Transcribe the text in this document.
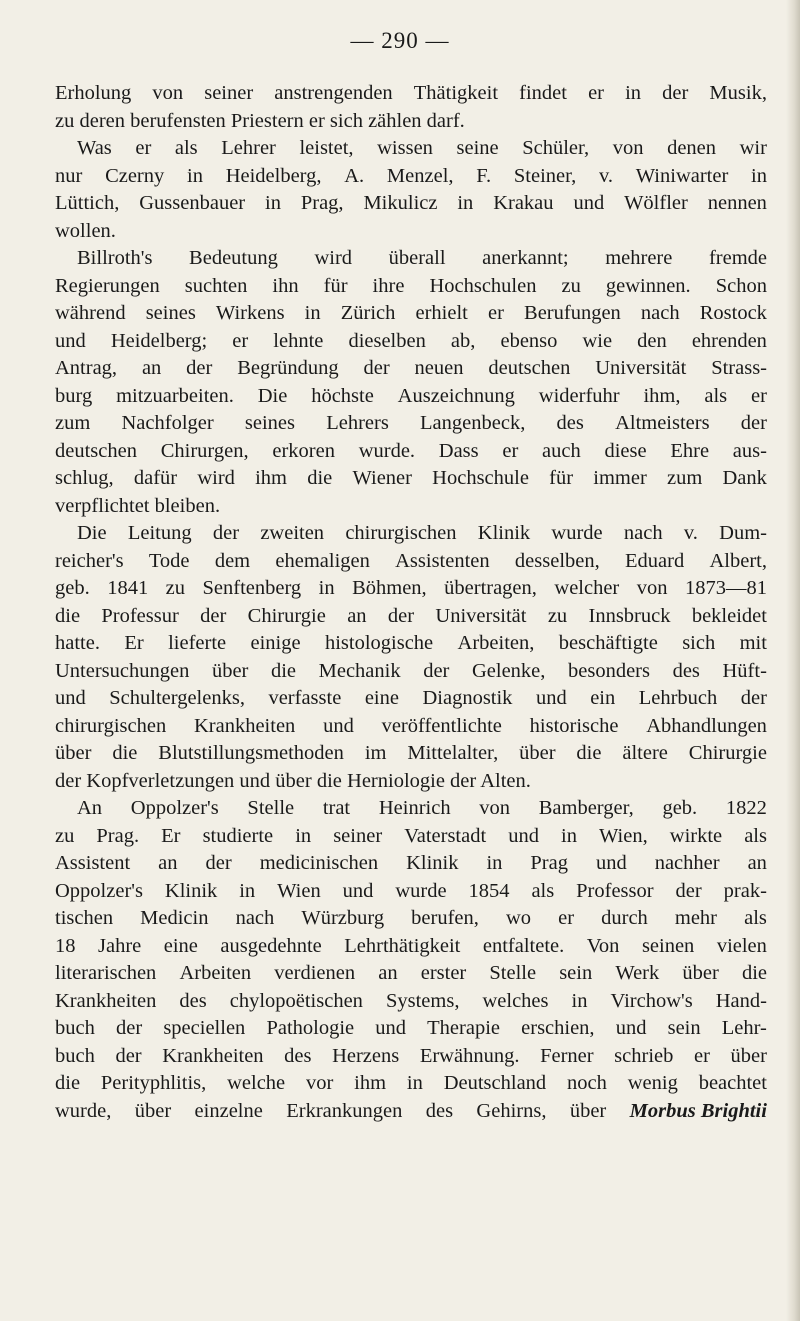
— 290 —
Erholung von seiner anstrengenden Thätigkeit findet er in der Musik,
zu deren berufensten Priestern er sich zählen darf.
Was er als Lehrer leistet, wissen seine Schüler, von denen wir
nur Czerny in Heidelberg, A. Menzel, F. Steiner, v. Winiwarter in
Lüttich, Gussenbauer in Prag, Mikulicz in Krakau und Wölfler nennen
wollen.
Billroth's Bedeutung wird überall anerkannt; mehrere fremde
Regierungen suchten ihn für ihre Hochschulen zu gewinnen. Schon
während seines Wirkens in Zürich erhielt er Berufungen nach Rostock
und Heidelberg; er lehnte dieselben ab, ebenso wie den ehrenden
Antrag, an der Begründung der neuen deutschen Universität Strass-
burg mitzuarbeiten. Die höchste Auszeichnung widerfuhr ihm, als er
zum Nachfolger seines Lehrers Langenbeck, des Altmeisters der
deutschen Chirurgen, erkoren wurde. Dass er auch diese Ehre aus-
schlug, dafür wird ihm die Wiener Hochschule für immer zum Dank
verpflichtet bleiben.
Die Leitung der zweiten chirurgischen Klinik wurde nach v. Dum-
reicher's Tode dem ehemaligen Assistenten desselben, Eduard Albert,
geb. 1841 zu Senftenberg in Böhmen, übertragen, welcher von 1873—81
die Professur der Chirurgie an der Universität zu Innsbruck bekleidet
hatte. Er lieferte einige histologische Arbeiten, beschäftigte sich mit
Untersuchungen über die Mechanik der Gelenke, besonders des Hüft-
und Schultergelenks, verfasste eine Diagnostik und ein Lehrbuch der
chirurgischen Krankheiten und veröffentlichte historische Abhandlungen
über die Blutstillungsmethoden im Mittelalter, über die ältere Chirurgie
der Kopfverletzungen und über die Herniologie der Alten.
An Oppolzer's Stelle trat Heinrich von Bamberger, geb. 1822
zu Prag. Er studierte in seiner Vaterstadt und in Wien, wirkte als
Assistent an der medicinischen Klinik in Prag und nachher an
Oppolzer's Klinik in Wien und wurde 1854 als Professor der prak-
tischen Medicin nach Würzburg berufen, wo er durch mehr als
18 Jahre eine ausgedehnte Lehrthätigkeit entfaltete. Von seinen vielen
literarischen Arbeiten verdienen an erster Stelle sein Werk über die
Krankheiten des chylopoëtischen Systems, welches in Virchow's Hand-
buch der speciellen Pathologie und Therapie erschien, und sein Lehr-
buch der Krankheiten des Herzens Erwähnung. Ferner schrieb er über
die Perityphlitis, welche vor ihm in Deutschland noch wenig beachtet
wurde, über einzelne Erkrankungen des Gehirns, über Morbus Brightii
